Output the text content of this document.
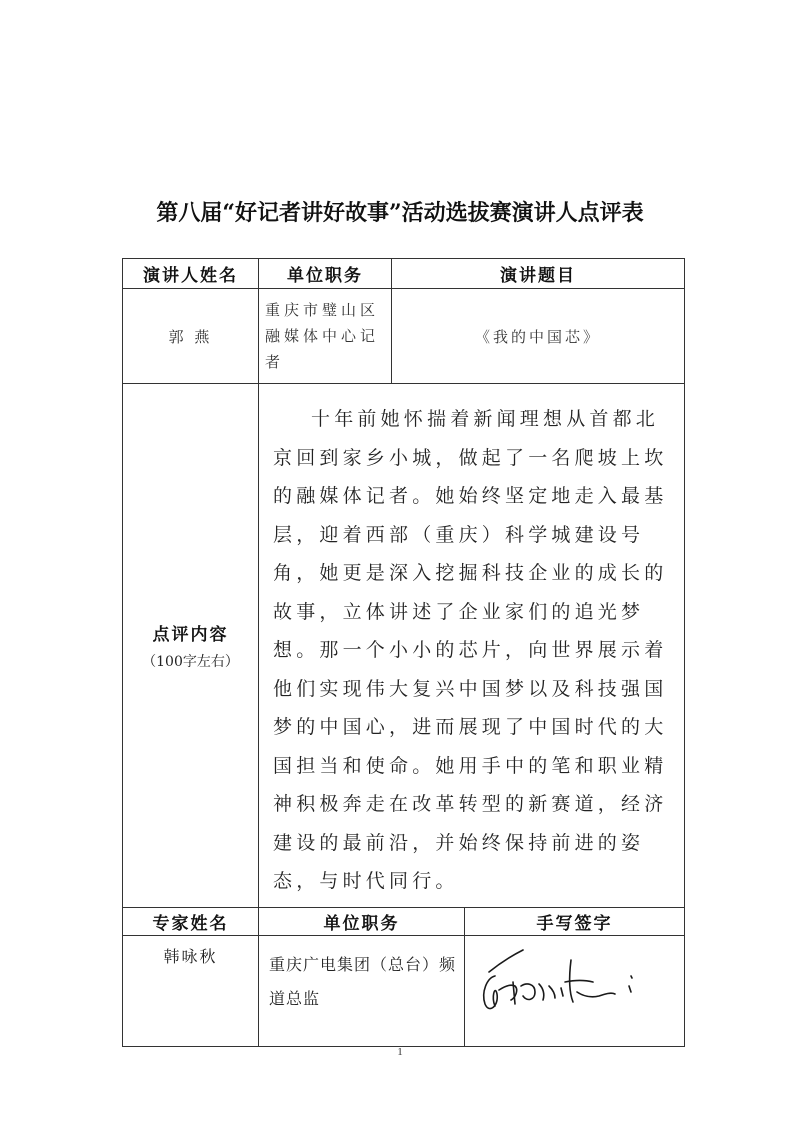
第八届“好记者讲好故事”活动选拔赛演讲人点评表
演讲人姓名	单位职务	演讲题目	
郭 燕	重庆市璧山区融媒体中心记者	《我的中国芯》	

点评内容
（100字左右）	十年前她怀揣着新闻理想从首都北京回到家乡小城，做起了一名爬坡上坎的融媒体记者。她始终坚定地走入最基层，迎着西部（重庆）科学城建设号角，她更是深入挖掘科技企业的成长的故事，立体讲述了企业家们的追光梦想。那一个小小的芯片，向世界展示着他们实现伟大复兴中国梦以及科技强国梦的中国心，进而展现了中国时代的大国担当和使命。她用手中的笔和职业精神积极奔走在改革转型的新赛道，经济建设的最前沿，并始终保持前进的姿态，与时代同行。		
专家姓名	单位职务		手写签字
韩咏秋	重庆广电集团（总台）频道总监	
1
